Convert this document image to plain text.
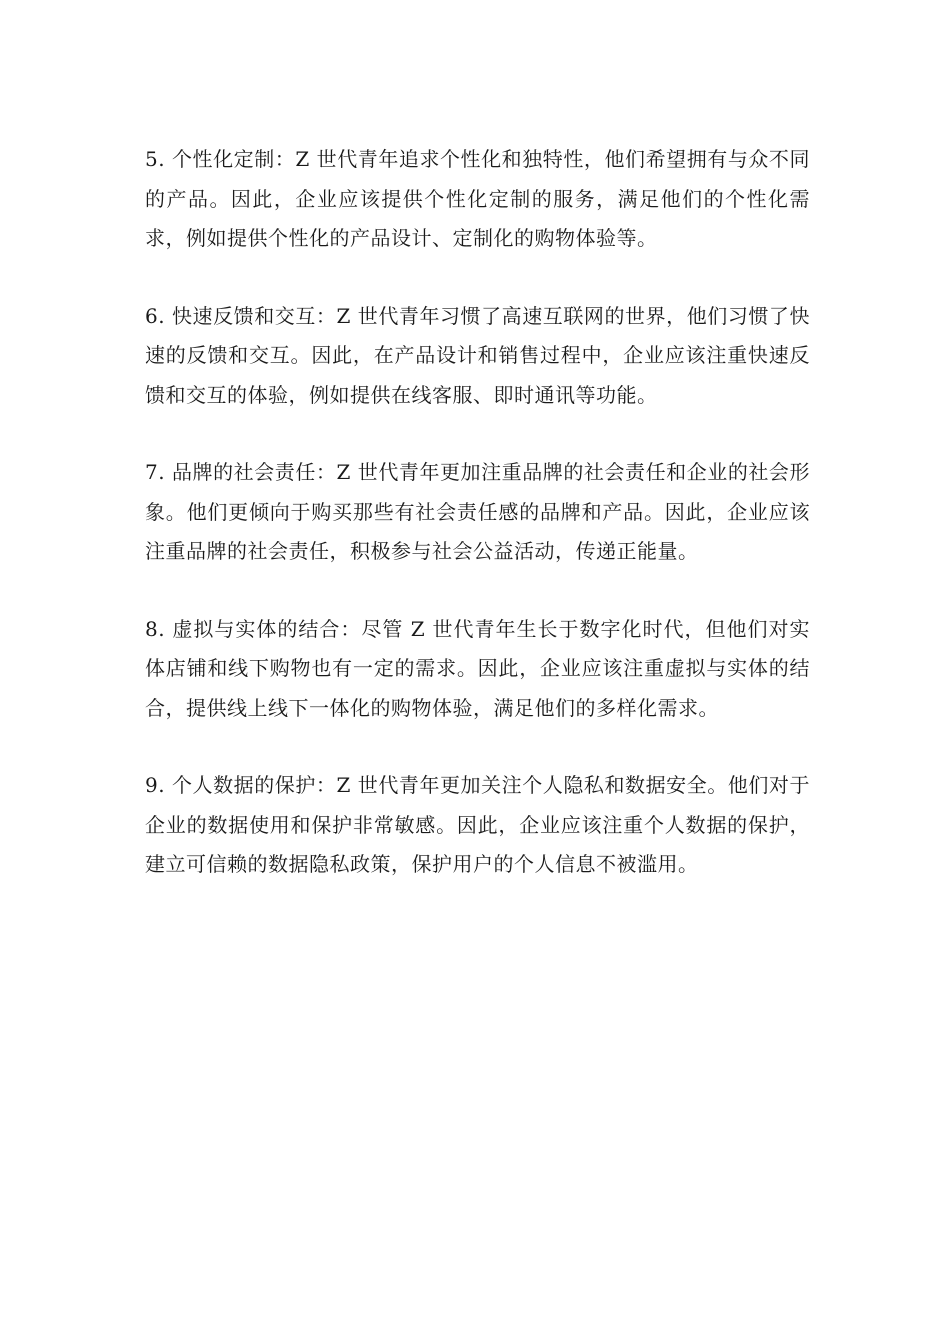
5. 个性化定制：Z 世代青年追求个性化和独特性，他们希望拥有与众不同的产品。因此，企业应该提供个性化定制的服务，满足他们的个性化需求，例如提供个性化的产品设计、定制化的购物体验等。

6. 快速反馈和交互：Z 世代青年习惯了高速互联网的世界，他们习惯了快速的反馈和交互。因此，在产品设计和销售过程中，企业应该注重快速反馈和交互的体验，例如提供在线客服、即时通讯等功能。

7. 品牌的社会责任：Z 世代青年更加注重品牌的社会责任和企业的社会形象。他们更倾向于购买那些有社会责任感的品牌和产品。因此，企业应该注重品牌的社会责任，积极参与社会公益活动，传递正能量。

8. 虚拟与实体的结合：尽管 Z 世代青年生长于数字化时代，但他们对实体店铺和线下购物也有一定的需求。因此，企业应该注重虚拟与实体的结合，提供线上线下一体化的购物体验，满足他们的多样化需求。

9. 个人数据的保护：Z 世代青年更加关注个人隐私和数据安全。他们对于企业的数据使用和保护非常敏感。因此，企业应该注重个人数据的保护，建立可信赖的数据隐私政策，保护用户的个人信息不被滥用。
